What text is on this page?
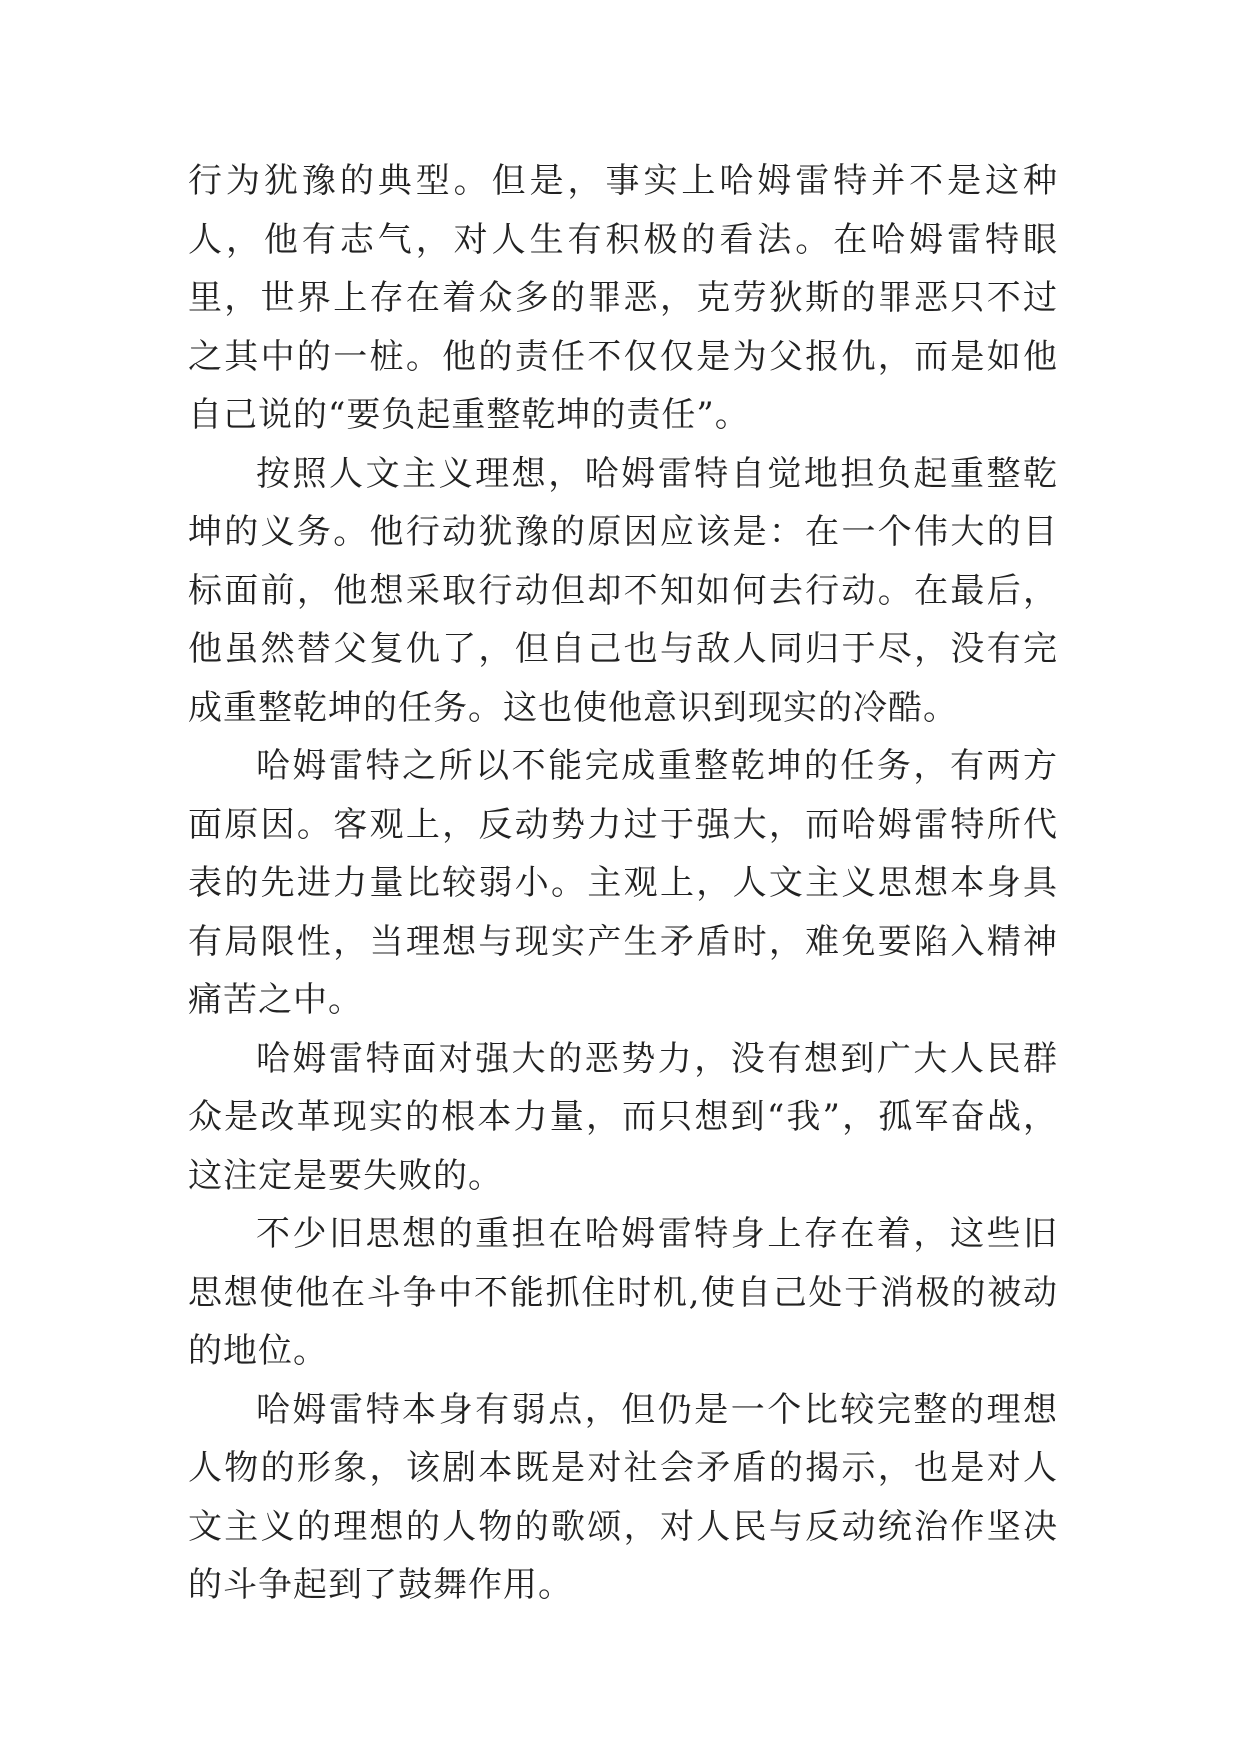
行为犹豫的典型。但是，事实上哈姆雷特并不是这种人，他有志气，对人生有积极的看法。在哈姆雷特眼里，世界上存在着众多的罪恶，克劳狄斯的罪恶只不过之其中的一桩。他的责任不仅仅是为父报仇，而是如他自己说的“要负起重整乾坤的责任”。

按照人文主义理想，哈姆雷特自觉地担负起重整乾坤的义务。他行动犹豫的原因应该是：在一个伟大的目标面前，他想采取行动但却不知如何去行动。在最后，他虽然替父复仇了，但自己也与敌人同归于尽，没有完成重整乾坤的任务。这也使他意识到现实的冷酷。

哈姆雷特之所以不能完成重整乾坤的任务，有两方面原因。客观上，反动势力过于强大，而哈姆雷特所代表的先进力量比较弱小。主观上，人文主义思想本身具有局限性，当理想与现实产生矛盾时，难免要陷入精神痛苦之中。

哈姆雷特面对强大的恶势力，没有想到广大人民群众是改革现实的根本力量，而只想到“我”，孤军奋战，这注定是要失败的。

不少旧思想的重担在哈姆雷特身上存在着，这些旧思想使他在斗争中不能抓住时机,使自己处于消极的被动的地位。

哈姆雷特本身有弱点，但仍是一个比较完整的理想人物的形象，该剧本既是对社会矛盾的揭示，也是对人文主义的理想的人物的歌颂，对人民与反动统治作坚决的斗争起到了鼓舞作用。
